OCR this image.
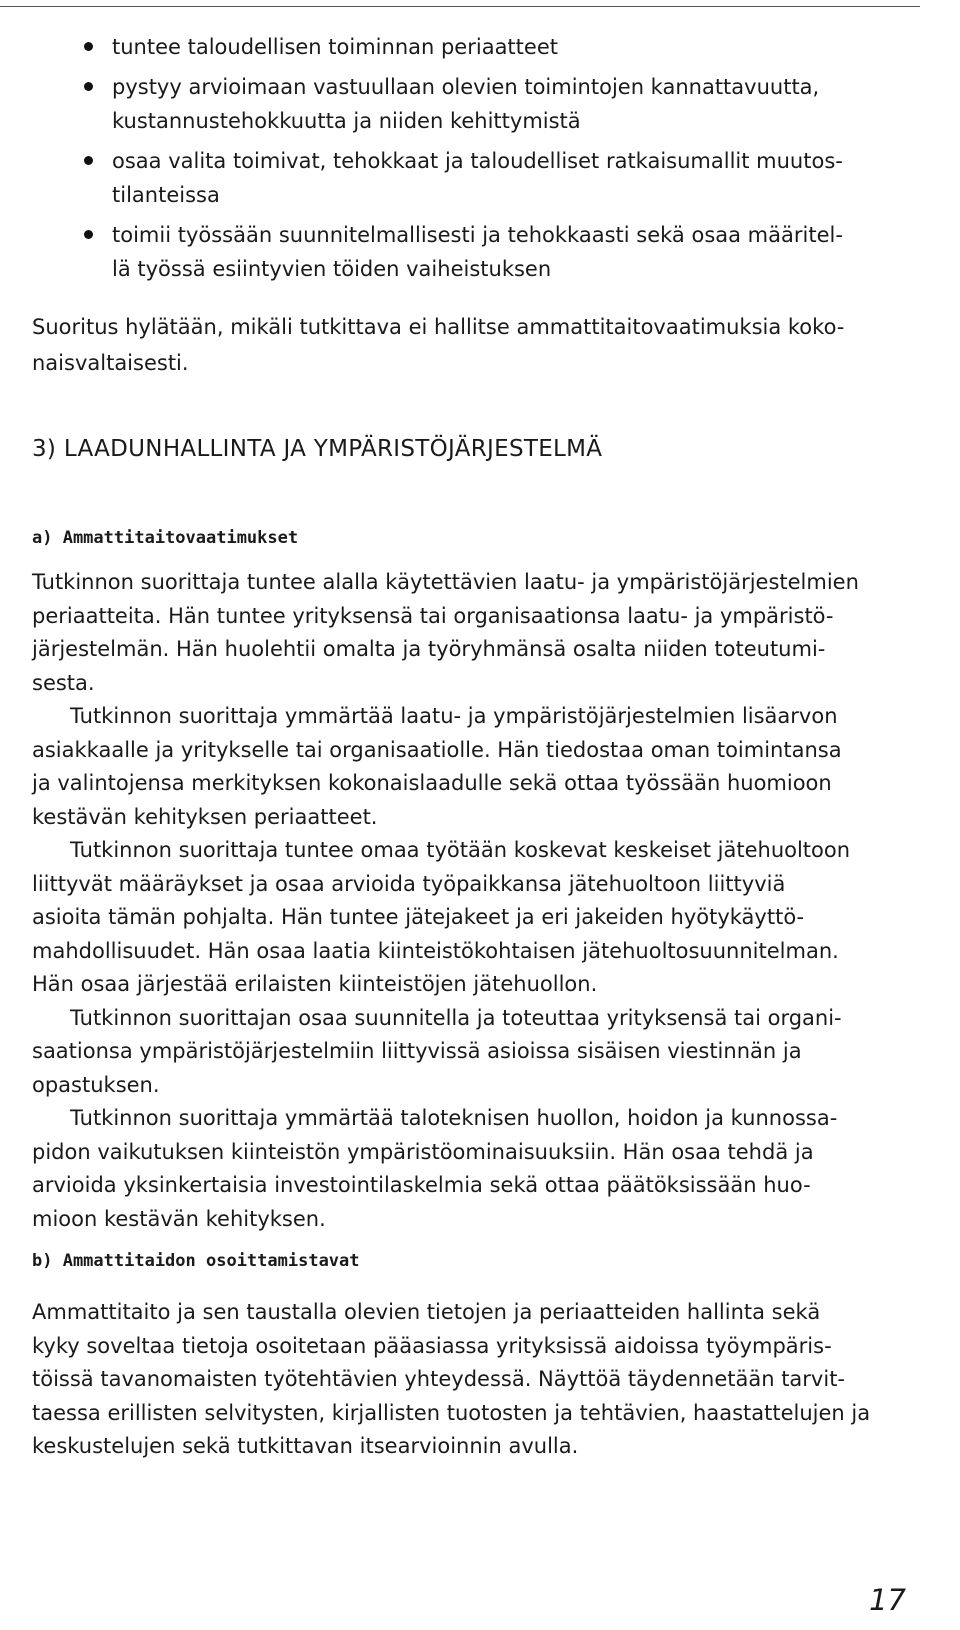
tuntee taloudellisen toiminnan periaatteet
pystyy arvioimaan vastuullaan olevien toimintojen kannattavuutta,
kustannustehokkuutta ja niiden kehittymistä
osaa valita toimivat, tehokkaat ja taloudelliset ratkaisumallit muutos-
tilanteissa
toimii työssään suunnitelmallisesti ja tehokkaasti sekä osaa määritel-
lä työssä esiintyvien töiden vaiheistuksen
Suoritus hylätään, mikäli tutkittava ei hallitse ammattitaitovaatimuksia koko-
naisvaltaisesti.
3) LAADUNHALLINTA JA YMPÄRISTÖJÄRJESTELMÄ
a) Ammattitaitovaatimukset

Tutkinnon suorittaja tuntee alalla käytettävien laatu- ja ympäristöjärjestelmien
periaatteita. Hän tuntee yrityksensä tai organisaationsa laatu- ja ympäristö-
järjestelmän. Hän huolehtii omalta ja työryhmänsä osalta niiden toteutumi-
sesta.

Tutkinnon suorittaja ymmärtää laatu- ja ympäristöjärjestelmien lisäarvon
asiakkaalle ja yritykselle tai organisaatiolle. Hän tiedostaa oman toimintansa
ja valintojensa merkityksen kokonaislaadulle sekä ottaa työssään huomioon
kestävän kehityksen periaatteet.

Tutkinnon suorittaja tuntee omaa työtään koskevat keskeiset jätehuoltoon
liittyvät määräykset ja osaa arvioida työpaikkansa jätehuoltoon liittyviä
asioita tämän pohjalta. Hän tuntee jätejakeet ja eri jakeiden hyötykäyttö-
mahdollisuudet. Hän osaa laatia kiinteistökohtaisen jätehuoltosuunnitelman.
Hän osaa järjestää erilaisten kiinteistöjen jätehuollon.

Tutkinnon suorittajan osaa suunnitella ja toteuttaa yrityksensä tai organi-
saationsa ympäristöjärjestelmiin liittyvissä asioissa sisäisen viestinnän ja
opastuksen.

Tutkinnon suorittaja ymmärtää taloteknisen huollon, hoidon ja kunnossa-
pidon vaikutuksen kiinteistön ympäristöominaisuuksiin. Hän osaa tehdä ja
arvioida yksinkertaisia investointilaskelmia sekä ottaa päätöksissään huo-
mioon kestävän kehityksen.

b) Ammattitaidon osoittamistavat

Ammattitaito ja sen taustalla olevien tietojen ja periaatteiden hallinta sekä
kyky soveltaa tietoja osoitetaan pääasiassa yrityksissä aidoissa työympäris-
töissä tavanomaisten työtehtävien yhteydessä. Näyttöä täydennetään tarvit-
taessa erillisten selvitysten, kirjallisten tuotosten ja tehtävien, haastattelujen ja
keskustelujen sekä tutkittavan itsearvioinnin avulla.

17
